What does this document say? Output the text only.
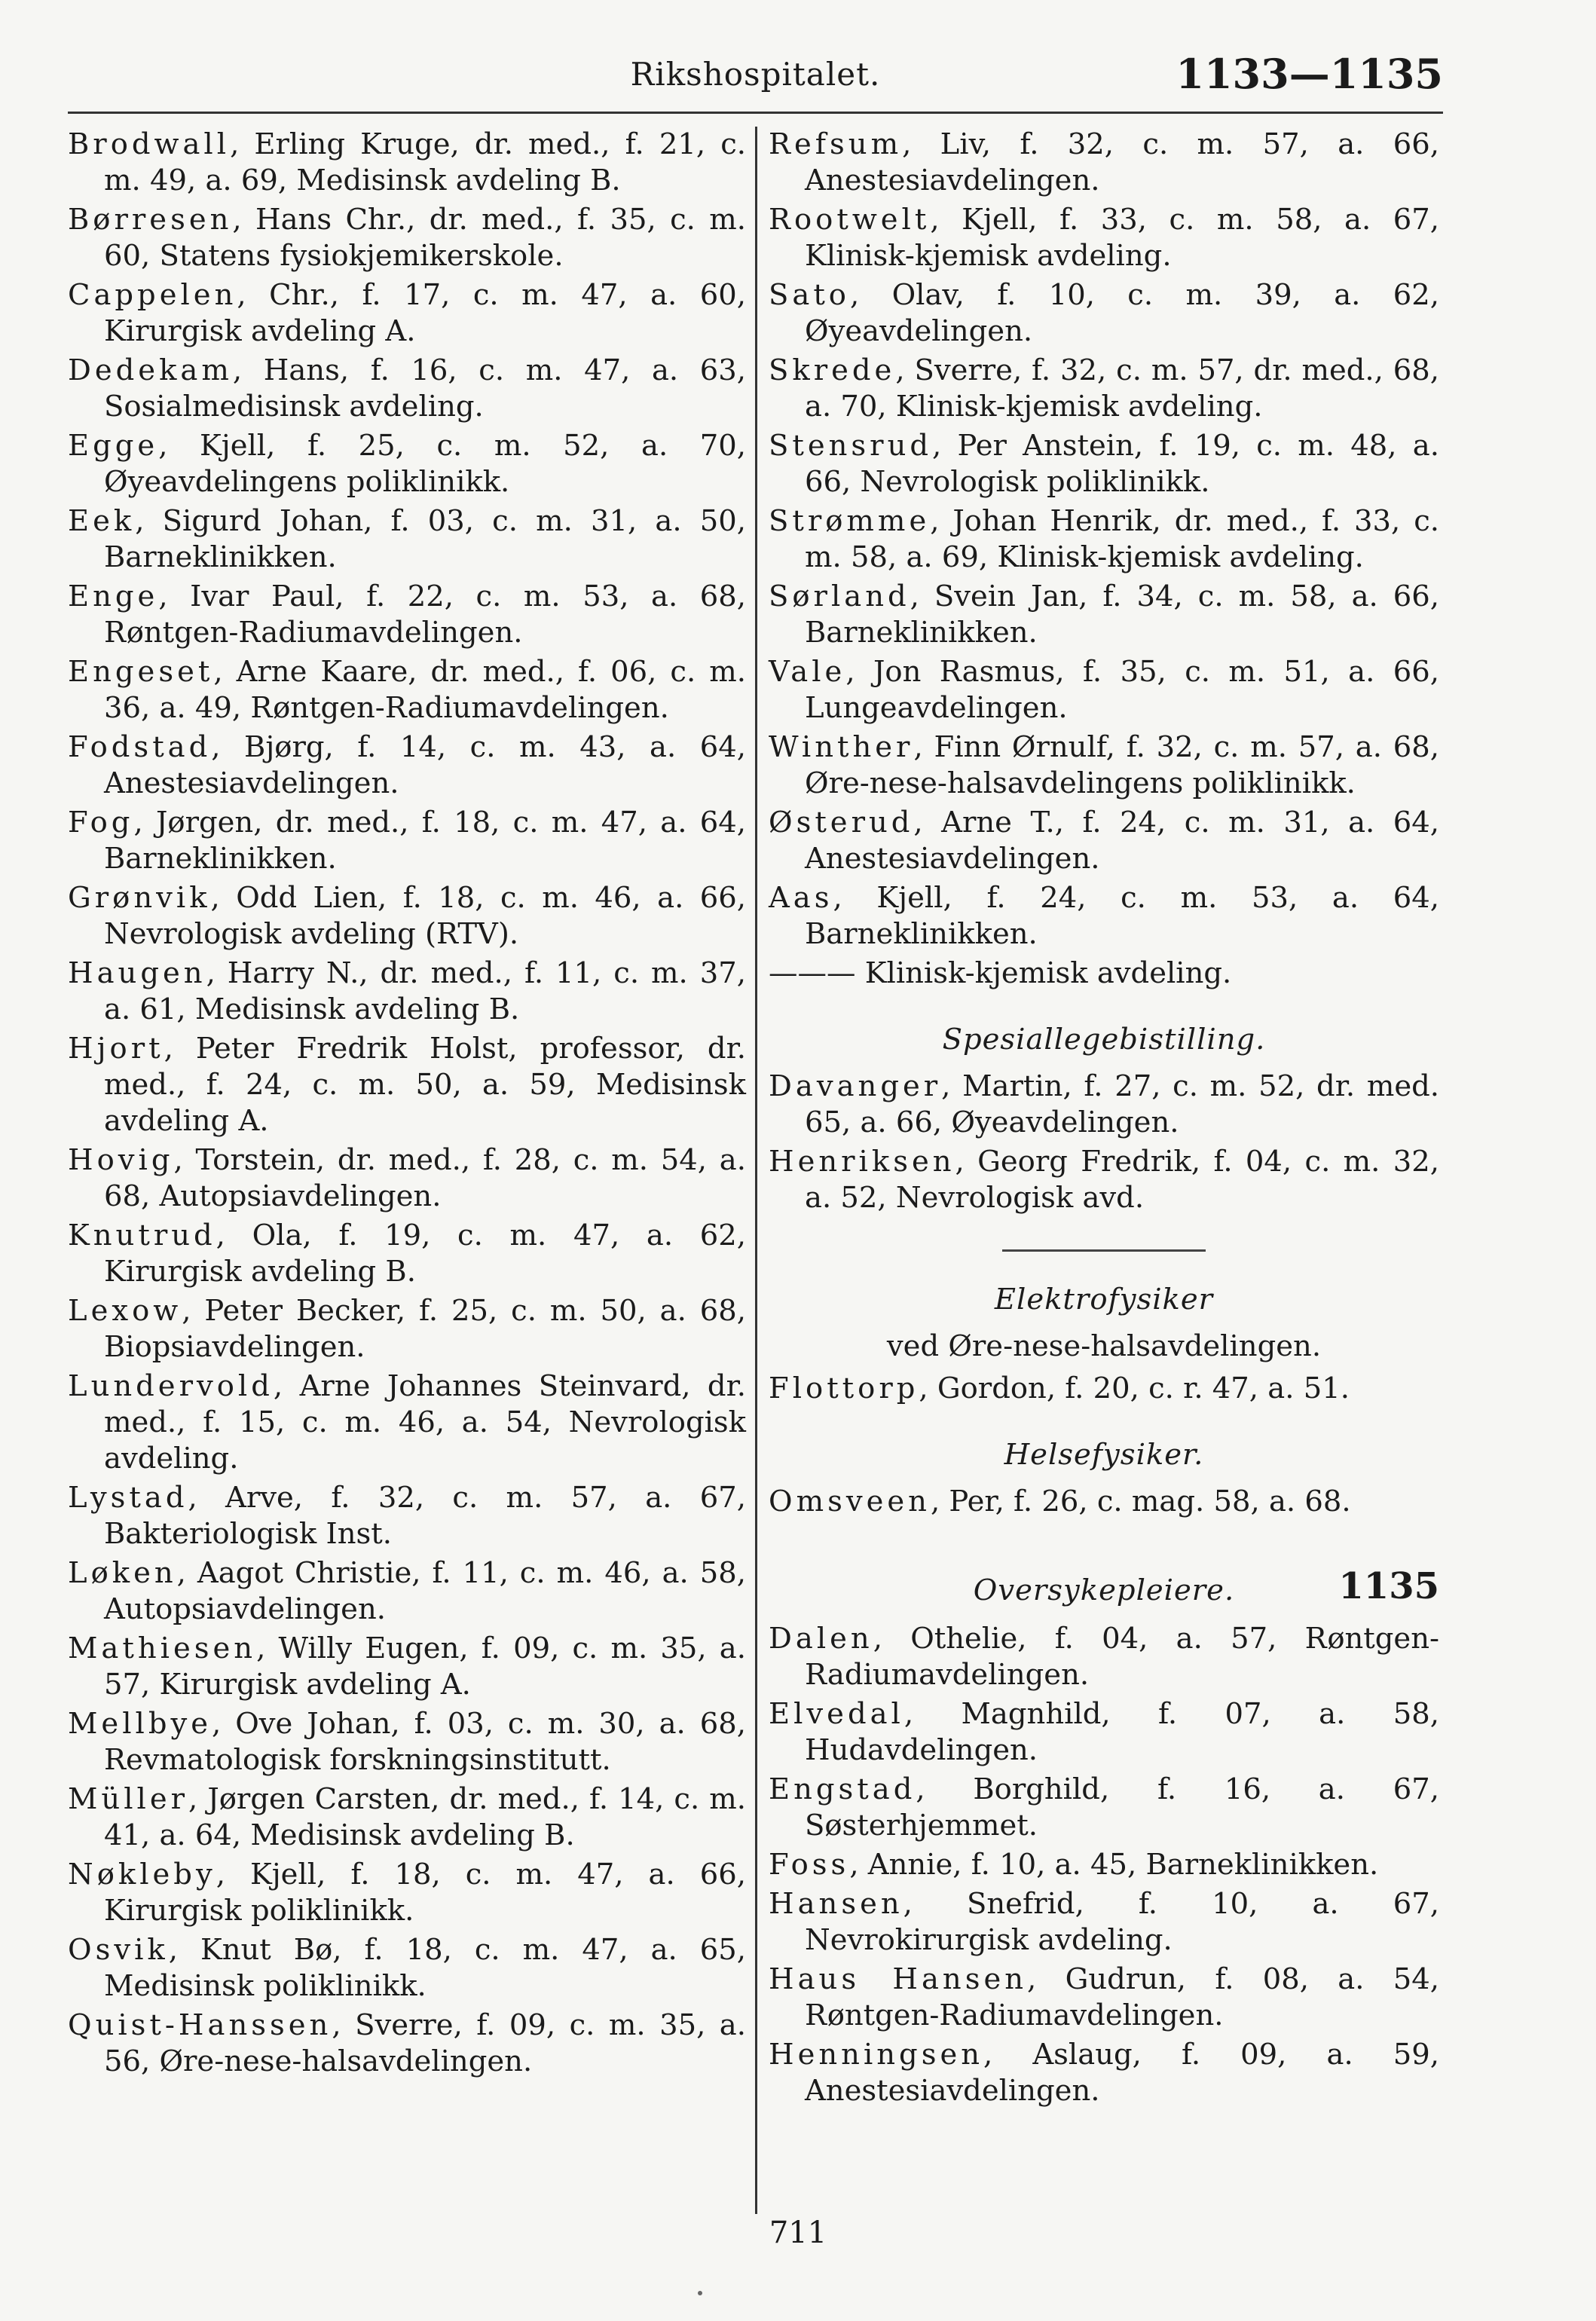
Rikshospitalet.	1133—1135
Brodwall, Erling Kruge, dr. med., f. 21, c. m. 49, a. 69, Medisinsk avdeling B.
Børresen, Hans Chr., dr. med., f. 35, c. m. 60, Statens fysiokjemikerskole.
Cappelen, Chr., f. 17, c. m. 47, a. 60, Kirurgisk avdeling A.
Dedekam, Hans, f. 16, c. m. 47, a. 63, Sosialmedisinsk avdeling.
Egge, Kjell, f. 25, c. m. 52, a. 70, Øyeavdelingens poliklinikk.
Eek, Sigurd Johan, f. 03, c. m. 31, a. 50, Barneklinikken.
Enge, Ivar Paul, f. 22, c. m. 53, a. 68, Røntgen-Radiumavdelingen.
Engeset, Arne Kaare, dr. med., f. 06, c. m. 36, a. 49, Røntgen-Radiumavdelingen.
Fodstad, Bjørg, f. 14, c. m. 43, a. 64, Anestesiavdelingen.
Fog, Jørgen, dr. med., f. 18, c. m. 47, a. 64, Barneklinikken.
Grønvik, Odd Lien, f. 18, c. m. 46, a. 66, Nevrologisk avdeling (RTV).
Haugen, Harry N., dr. med., f. 11, c. m. 37, a. 61, Medisinsk avdeling B.
Hjort, Peter Fredrik Holst, professor, dr. med., f. 24, c. m. 50, a. 59, Medisinsk avdeling A.
Hovig, Torstein, dr. med., f. 28, c. m. 54, a. 68, Autopsiavdelingen.
Knutrud, Ola, f. 19, c. m. 47, a. 62, Kirurgisk avdeling B.
Lexow, Peter Becker, f. 25, c. m. 50, a. 68, Biopsiavdelingen.
Lundervold, Arne Johannes Steinvard, dr. med., f. 15, c. m. 46, a. 54, Nevrologisk avdeling.
Lystad, Arve, f. 32, c. m. 57, a. 67, Bakteriologisk Inst.
Løken, Aagot Christie, f. 11, c. m. 46, a. 58, Autopsiavdelingen.
Mathiesen, Willy Eugen, f. 09, c. m. 35, a. 57, Kirurgisk avdeling A.
Mellbye, Ove Johan, f. 03, c. m. 30, a. 68, Revmatologisk forskningsinstitutt.
Müller, Jørgen Carsten, dr. med., f. 14, c. m. 41, a. 64, Medisinsk avdeling B.
Nøkleby, Kjell, f. 18, c. m. 47, a. 66, Kirurgisk poliklinikk.
Osvik, Knut Bø, f. 18, c. m. 47, a. 65, Medisinsk poliklinikk.
Quist-Hanssen, Sverre, f. 09, c. m. 35, a. 56, Øre-nese-halsavdelingen.
Refsum, Liv, f. 32, c. m. 57, a. 66, Anestesiavdelingen.
Rootwelt, Kjell, f. 33, c. m. 58, a. 67, Klinisk-kjemisk avdeling.
Sato, Olav, f. 10, c. m. 39, a. 62, Øyeavdelingen.
Skrede, Sverre, f. 32, c. m. 57, dr. med., 68, a. 70, Klinisk-kjemisk avdeling.
Stensrud, Per Anstein, f. 19, c. m. 48, a. 66, Nevrologisk poliklinikk.
Strømme, Johan Henrik, dr. med., f. 33, c. m. 58, a. 69, Klinisk-kjemisk avdeling.
Sørland, Svein Jan, f. 34, c. m. 58, a. 66, Barneklinikken.
Vale, Jon Rasmus, f. 35, c. m. 51, a. 66, Lungeavdelingen.
Winther, Finn Ørnulf, f. 32, c. m. 57, a. 68, Øre-nese-halsavdelingens poliklinikk.
Østerud, Arne T., f. 24, c. m. 31, a. 64, Anestesiavdelingen.
Aas, Kjell, f. 24, c. m. 53, a. 64, Barneklinikken.
——— Klinisk-kjemisk avdeling.
Spesiallegebistilling.
Davanger, Martin, f. 27, c. m. 52, dr. med. 65, a. 66, Øyeavdelingen.
Henriksen, Georg Fredrik, f. 04, c. m. 32, a. 52, Nevrologisk avd.
Elektrofysiker
ved Øre-nese-halsavdelingen.
Flottorp, Gordon, f. 20, c. r. 47, a. 51.
Helsefysiker.
Omsveen, Per, f. 26, c. mag. 58, a. 68.
Oversykepleiere.	1135
Dalen, Othelie, f. 04, a. 57, Røntgen-Radiumavdelingen.
Elvedal, Magnhild, f. 07, a. 58, Hudavdelingen.
Engstad, Borghild, f. 16, a. 67, Søsterhjemmet.
Foss, Annie, f. 10, a. 45, Barneklinikken.
Hansen, Snefrid, f. 10, a. 67, Nevrokirurgisk avdeling.
Haus Hansen, Gudrun, f. 08, a. 54, Røntgen-Radiumavdelingen.
Henningsen, Aslaug, f. 09, a. 59, Anestesiavdelingen.
711
